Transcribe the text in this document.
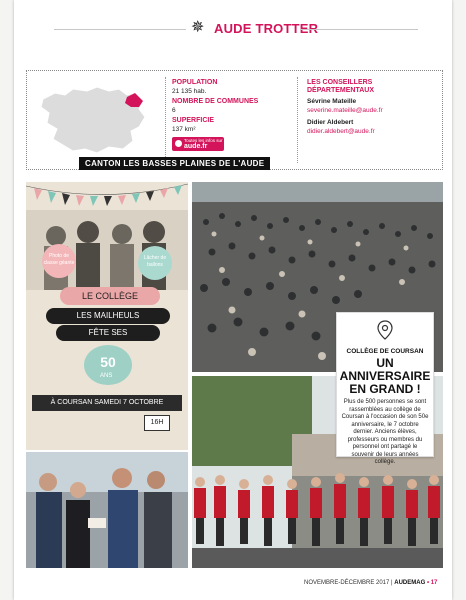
✵ AUDE TROTTER
POPULATION
21 135 hab.
NOMBRE DE COMMUNES
6
SUPERFICIE
137 km²
Toutes les infos sur
aude.fr
LES CONSEILLERS DÉPARTEMENTAUX
Sévrine Mateille
severine.mateille@aude.fr
Didier Aldebert
didier.aldebert@aude.fr
CANTON LES BASSES PLAINES DE L'AUDE
Photo de classe géante
Lâcher de ballons
LE COLLÈGE
LES MAILHEULS
FÊTE SES
50
ANS
À COURSAN SAMEDI 7 OCTOBRE
16H
COLLÈGE DE COURSAN
UN
ANNIVERSAIRE
EN GRAND !
Plus de 500 personnes se sont rassemblées au collège de Coursan à l'occasion de son 50e anniversaire, le 7 octobre dernier. Anciens élèves, professeurs ou membres du personnel ont partagé le souvenir de leurs années collège.
NOVEMBRE-DÉCEMBRE 2017 | AUDEMAG • 17
